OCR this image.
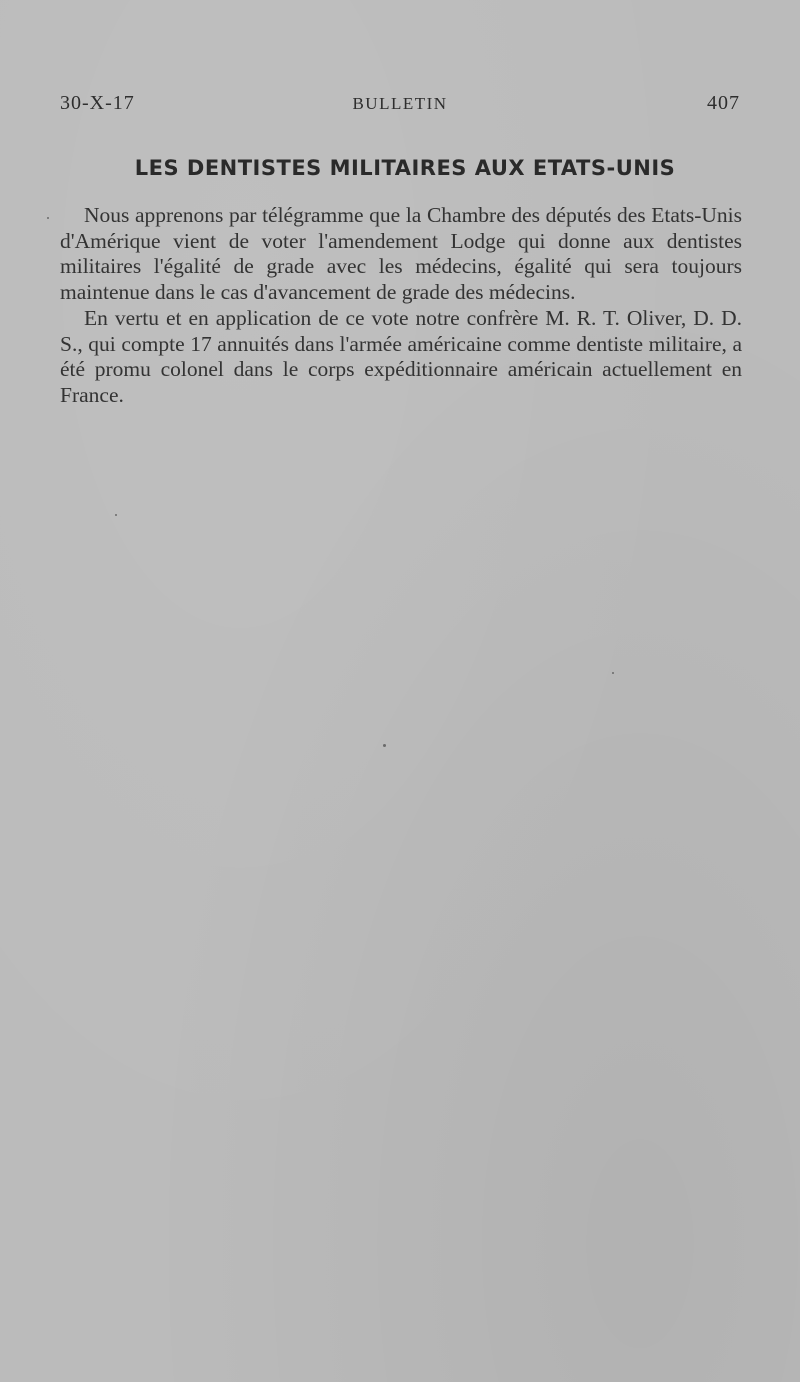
30-X-17	BULLETIN	407
LES DENTISTES MILITAIRES AUX ETATS-UNIS

Nous apprenons par télégramme que la Chambre des députés des Etats-Unis d'Amérique vient de voter l'amendement Lodge qui donne aux dentistes militaires l'égalité de grade avec les médecins, égalité qui sera toujours maintenue dans le cas d'avancement de grade des médecins.

En vertu et en application de ce vote notre confrère M. R. T. Oliver, D. D. S., qui compte 17 annuités dans l'armée américaine comme dentiste militaire, a été promu colonel dans le corps expéditionnaire américain actuellement en France.
